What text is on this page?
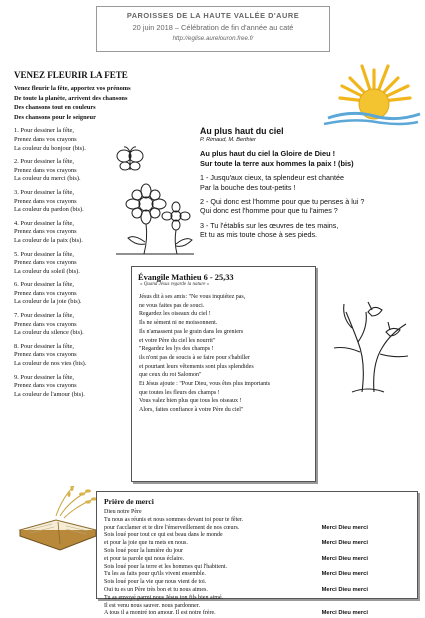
PAROISSES DE LA HAUTE VALLÉE D'AURE
20 juin 2018 – Célébration de fin d'année au caté
http://eglise.aurelouron.free.fr
VENEZ FLEURIR LA FETE
Venez fleurir la fête, apportez vos prénoms
De toute la planète, arrivent des chansons
Des chansons tout en couleurs
Des chansons pour le seigneur
1. Pour dessiner la fête,
Prenez dans vos crayons
La couleur du bonjour (bis).
2. Pour dessiner la fête,
Prenez dans vos crayons
La couleur du merci (bis).
3. Pour dessiner la fête,
Prenez dans vos crayons
La couleur du pardon (bis).
4. Pour dessiner la fête,
Prenez dans vos crayons
La couleur de la paix (bis).
5. Pour dessiner la fête,
Prenez dans vos crayons
La couleur du soleil (bis).
6. Pour dessiner la fête,
Prenez dans vos crayons
La couleur de la joie (bis).
7. Pour dessiner la fête,
Prenez dans vos crayons
La couleur du silence (bis).
8. Pour dessiner la fête,
Prenez dans vos crayons
La couleur de nos vies (bis).
9. Pour dessiner la fête,
Prenez dans vos crayons
La couleur de l'amour (bis).
Au plus haut du ciel
P. Rimaud, M. Berthier
Au plus haut du ciel la Gloire de Dieu !
Sur toute la terre aux hommes la paix ! (bis)
1 - Jusqu'aux cieux, ta splendeur est chantée
Par la bouche des tout-petits !
2 - Qui donc est l'homme pour que tu penses à lui ?
Qui donc est l'homme pour que tu l'aimes ?
3 - Tu l'établis sur les œuvres de tes mains,
Et tu as mis toute chose à ses pieds.
Évangile Mathieu 6 - 25,33
« Quand Jésus regarde la nature »
Jésus dit à ses amis: "Ne vous inquiétez pas,
ne vous faites pas de souci.
Regardez les oiseaux du ciel !
Ils ne sèment ni ne moissonnent.
Ils n'amassent pas le grain dans les greniers
et votre Père du ciel les nourrit"
"Regardez les lys des champs !
ils n'ont pas de soucis à se faire pour s'habiller
et pourtant leurs vêtements sont plus splendides
que ceux du roi Salomon"
Et Jésus ajoute : "Pour Dieu, vous êtes plus importants
que toutes les fleurs des champs !
Vous valez bien plus que tous les oiseaux !
Alors, faites confiance à votre Père du ciel"
Prière de merci
Dieu notre Père
Tu nous as réunis et nous sommes devant toi pour te fêter.
pour t'acclamer et te dire l'émerveillement de nos cœurs.	Merci Dieu merci
Sois loué pour tout ce qui est beau dans le monde
et pour la joie que tu mets en nous.	Merci Dieu merci
Sois loué pour la lumière du jour
et pour ta parole qui nous éclaire.	Merci Dieu merci
Sois loué pour la terre et les hommes qui l'habitent.
Tu les as faits pour qu'ils vivent ensemble.	Merci Dieu merci
Sois loué pour la vie que nous vient de toi.
Oui tu es un Père très bon et tu nous aimes.	Merci Dieu merci
Tu as envoyé parmi nous Jésus ton fils bien aimé.
Il est venu nous sauver. nous pardonner.
A tous il a montré ton amour. Il est notre frère.	Merci Dieu merci
